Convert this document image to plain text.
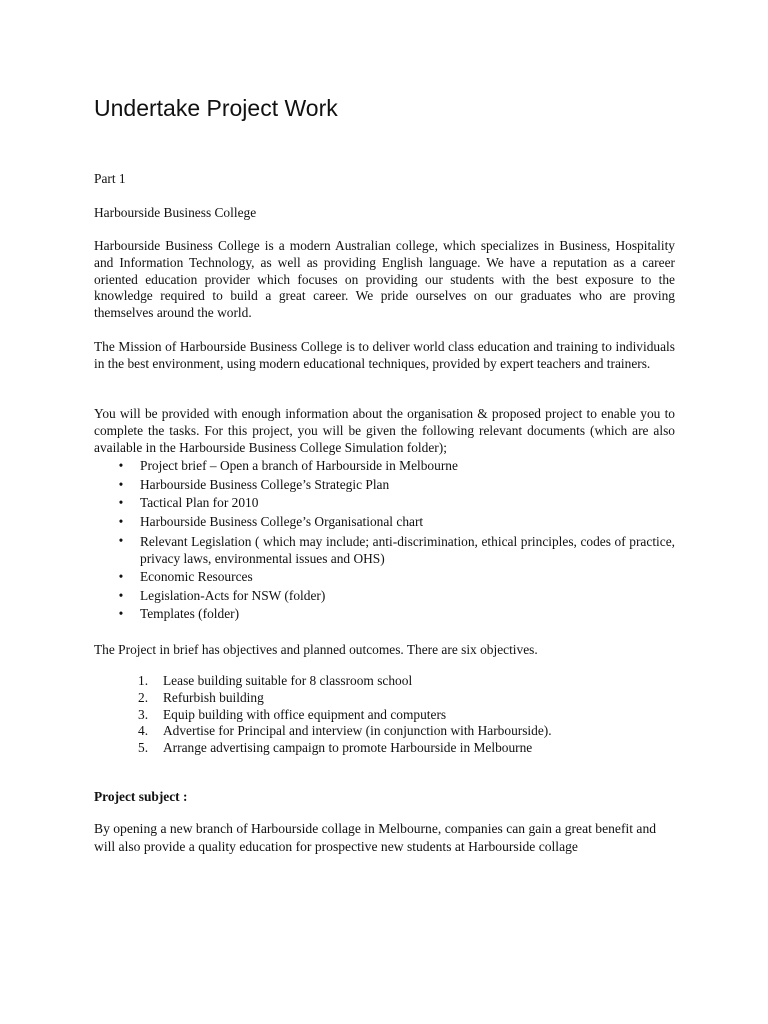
Undertake Project Work

Part 1

Harbourside Business College

Harbourside Business College is a modern Australian college, which specializes in Business, Hospitality and Information Technology, as well as providing English language. We have a reputation as a career oriented education provider which focuses on providing our students with the best exposure to the knowledge required to build a great career. We pride ourselves on our graduates who are proving themselves around the world.

The Mission of Harbourside Business College is to deliver world class education and training to individuals in the best environment, using modern educational techniques, provided by expert teachers and trainers.

You will be provided with enough information about the organisation & proposed project to enable you to complete the tasks. For this project, you will be given the following relevant documents (which are also available in the Harbourside Business College Simulation folder);

• Project brief – Open a branch of Harbourside in Melbourne
• Harbourside Business College’s Strategic Plan
• Tactical Plan for 2010
• Harbourside Business College’s Organisational chart
• Relevant Legislation ( which may include; anti-discrimination, ethical principles, codes of practice, privacy laws, environmental issues and OHS)
• Economic Resources
• Legislation-Acts for NSW (folder)
• Templates (folder)

The Project in brief has objectives and planned outcomes. There are six objectives.

1. Lease building suitable for 8 classroom school
2. Refurbish building
3. Equip building with office equipment and computers
4. Advertise for Principal and interview (in conjunction with Harbourside).
5. Arrange advertising campaign to promote Harbourside in Melbourne

Project subject :

By opening a new branch of Harbourside collage in Melbourne, companies can gain a great benefit and will also provide a quality education for prospective new students at Harbourside collage
